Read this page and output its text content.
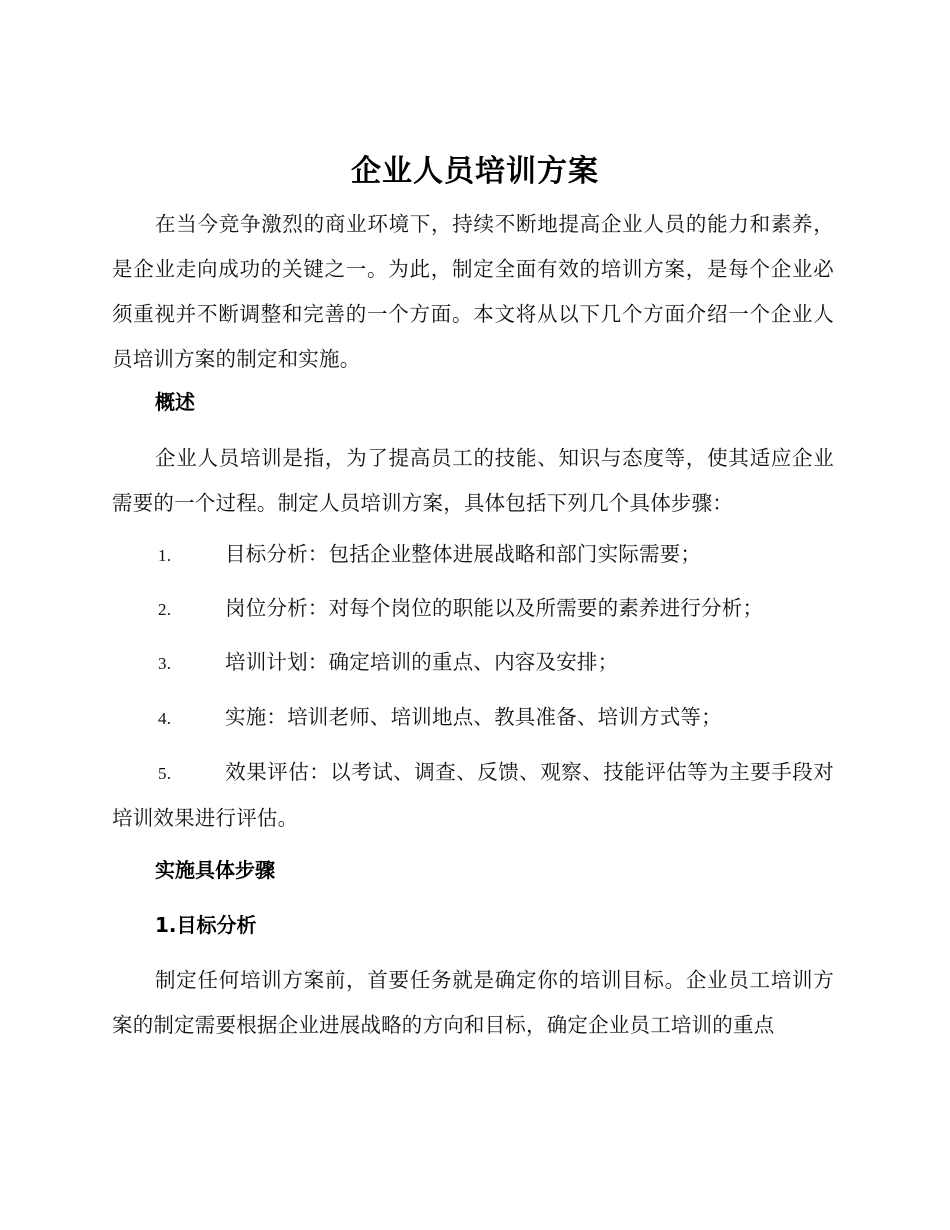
企业人员培训方案
在当今竞争激烈的商业环境下，持续不断地提高企业人员的能力和素养，是企业走向成功的关键之一。为此，制定全面有效的培训方案，是每个企业必须重视并不断调整和完善的一个方面。本文将从以下几个方面介绍一个企业人员培训方案的制定和实施。
概述
企业人员培训是指，为了提高员工的技能、知识与态度等，使其适应企业需要的一个过程。制定人员培训方案，具体包括下列几个具体步骤：
1.	目标分析：包括企业整体进展战略和部门实际需要；
2.	岗位分析：对每个岗位的职能以及所需要的素养进行分析；
3.	培训计划：确定培训的重点、内容及安排；
4.	实施：培训老师、培训地点、教具准备、培训方式等；
5.	效果评估：以考试、调查、反馈、观察、技能评估等为主要手段对培训效果进行评估。
实施具体步骤
1.目标分析
制定任何培训方案前，首要任务就是确定你的培训目标。企业员工培训方案的制定需要根据企业进展战略的方向和目标，确定企业员工培训的重点
